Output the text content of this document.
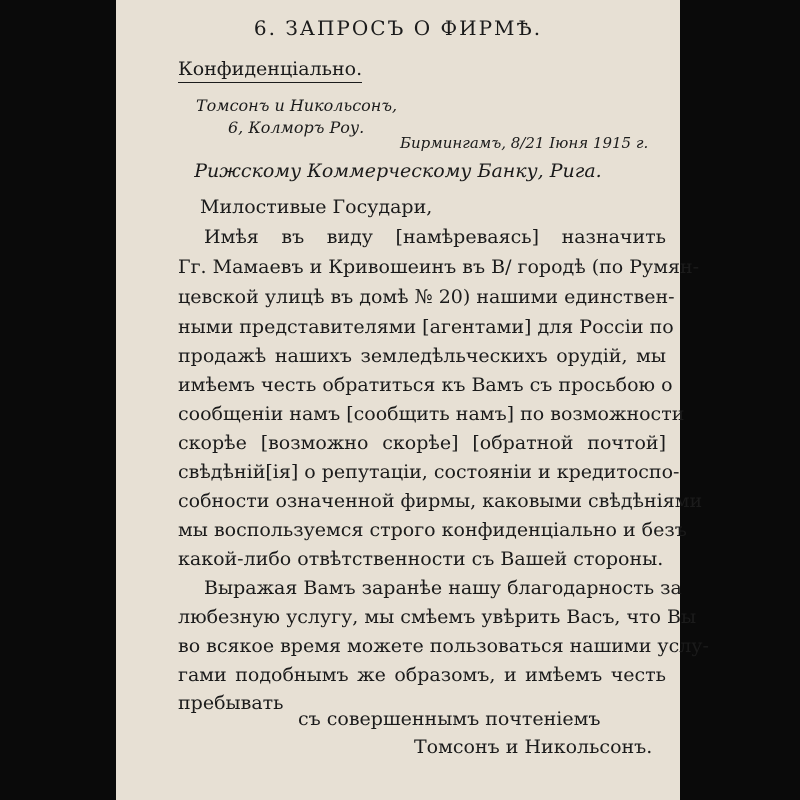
6. ЗАПРОСЪ О ФИРМѢ.
Конфиденціально.
Томсонъ и Никольсонъ,
6, Колморъ Роу.
Бирмингамъ, 8/21 Іюня 1915 г.
Рижскому Коммерческому Банку, Рига.
Милостивые Государи,
Имѣя въ виду [намѣреваясь] назначить
Гг. Мамаевъ и Кривошеинъ въ В/ городѣ (по Румян-
цевской улицѣ въ домѣ № 20) нашими единствен-
ными представителями [агентами] для Россіи по
продажѣ нашихъ земледѣльческихъ орудій, мы
имѣемъ честь обратиться къ Вамъ съ просьбою о
сообщеніи намъ [сообщить намъ] по возможности
скорѣе [возможно скорѣе] [обратной почтой]
свѣдѣній[ія] о репутаціи, состояніи и кредитоспо-
собности означенной фирмы, каковыми свѣдѣніями
мы воспользуемся строго конфиденціально и безъ
какой-либо отвѣтственности съ Вашей стороны.
Выражая Вамъ заранѣе нашу благодарность за
любезную услугу, мы смѣемъ увѣрить Васъ, что Вы
во всякое время можете пользоваться нашими услу-
гами подобнымъ же образомъ, и имѣемъ честь
пребывать
съ совершеннымъ почтеніемъ
Томсонъ и Никольсонъ.
